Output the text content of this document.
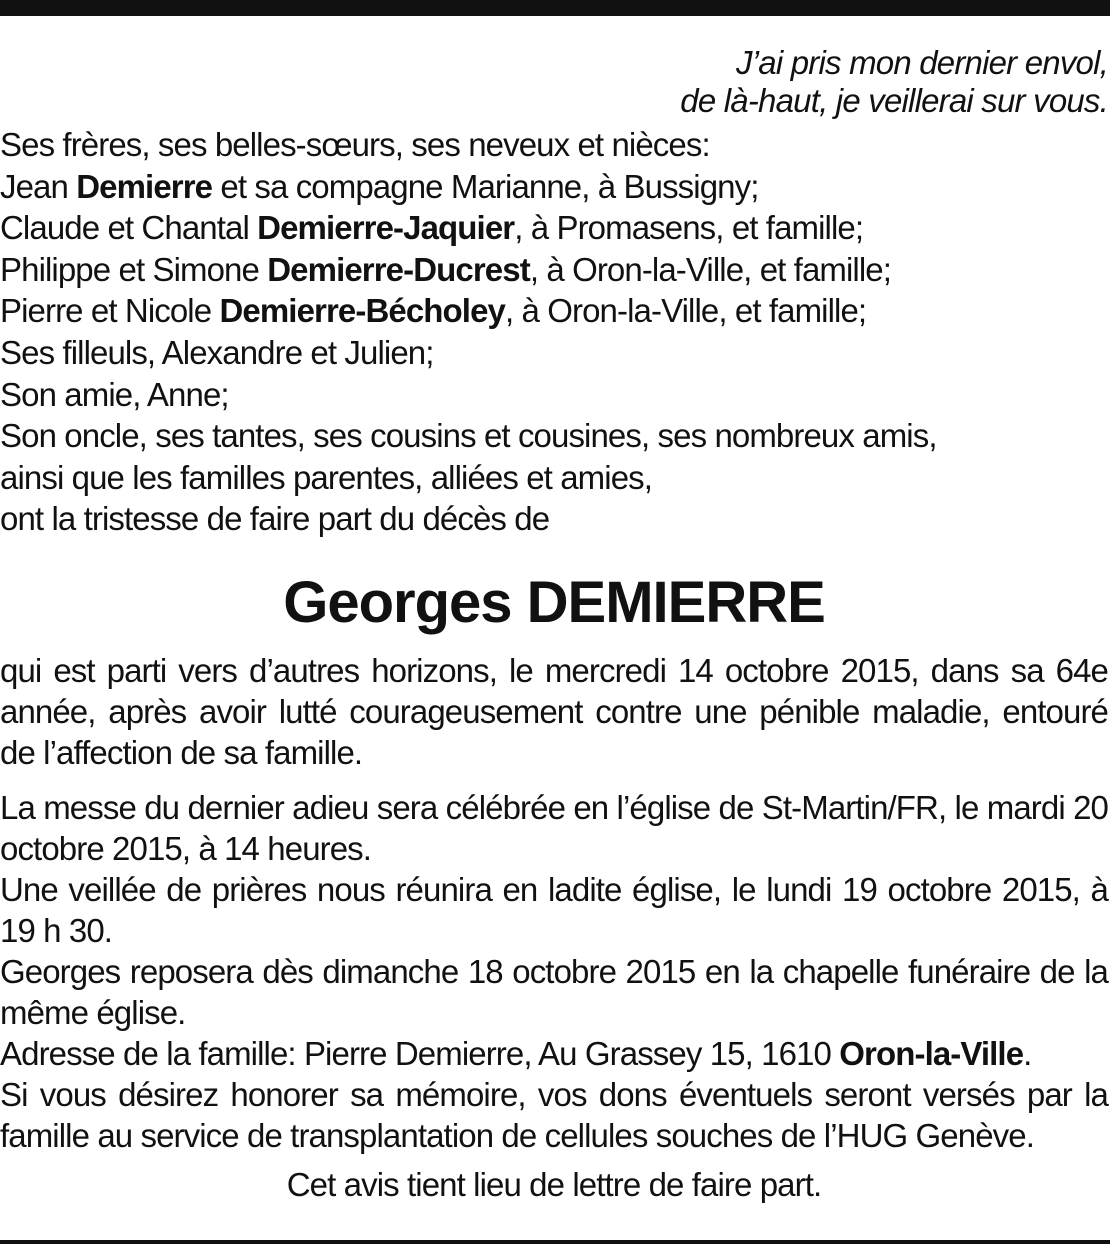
J’ai pris mon dernier envol,
de là-haut, je veillerai sur vous.

Ses frères, ses belles-sœurs, ses neveux et nièces:
Jean Demierre et sa compagne Marianne, à Bussigny;
Claude et Chantal Demierre-Jaquier, à Promasens, et famille;
Philippe et Simone Demierre-Ducrest, à Oron-la-Ville, et famille;
Pierre et Nicole Demierre-Bécholey, à Oron-la-Ville, et famille;
Ses filleuls, Alexandre et Julien;
Son amie, Anne;
Son oncle, ses tantes, ses cousins et cousines, ses nombreux amis,
ainsi que les familles parentes, alliées et amies,
ont la tristesse de faire part du décès de
Georges DEMIERRE

qui est parti vers d’autres horizons, le mercredi 14 octobre 2015, dans sa 64e année, après avoir lutté courageusement contre une pénible maladie, entouré de l’affection de sa famille.

La messe du dernier adieu sera célébrée en l’église de St-Martin/FR, le mardi 20 octobre 2015, à 14 heures.

Une veillée de prières nous réunira en ladite église, le lundi 19 octobre 2015, à 19 h 30.

Georges reposera dès dimanche 18 octobre 2015 en la chapelle funéraire de la même église.

Adresse de la famille: Pierre Demierre, Au Grassey 15, 1610 Oron-la-Ville.

Si vous désirez honorer sa mémoire, vos dons éventuels seront versés par la famille au service de transplantation de cellules souches de l’HUG Genève.

Cet avis tient lieu de lettre de faire part.
